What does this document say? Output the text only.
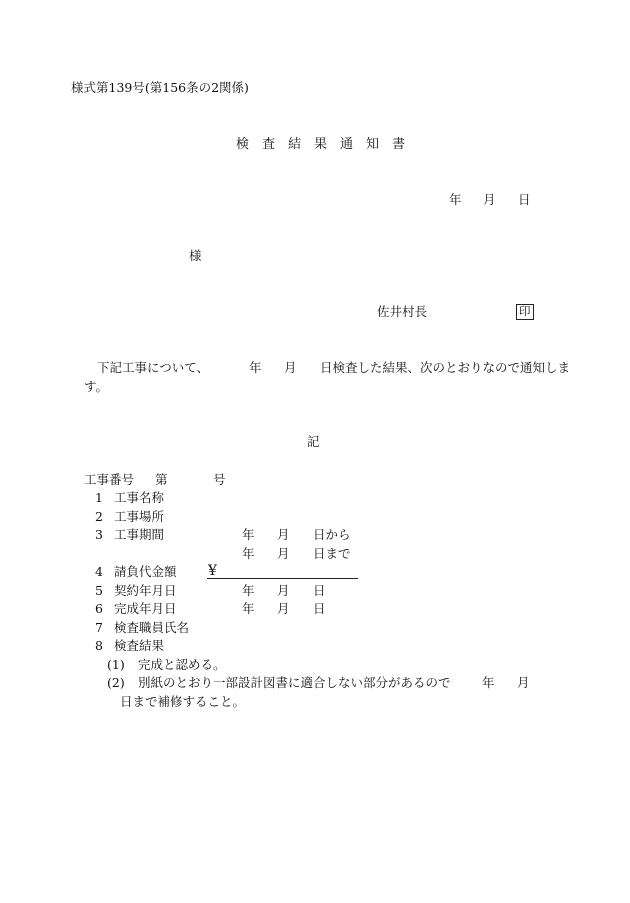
様式第139号(第156条の2関係)
検　査　結　果　通　知　書
年 月 日
様
佐井村長	印
下記工事について、	年 月 日検査した結果、次のとおりなので通知しま
す。
記
工事番号 第	号
1 工事名称
2 工事場所
3 工事期間	年 月 日から
年 月 日まで
4 請負代金額 ¥
5 契約年月日	年 月 日
6 完成年月日	年 月 日
7 検査職員氏名
8 検査結果
(1) 完成と認める。
(2) 別紙のとおり一部設計図書に適合しない部分があるので	年 月
日まで補修すること。
